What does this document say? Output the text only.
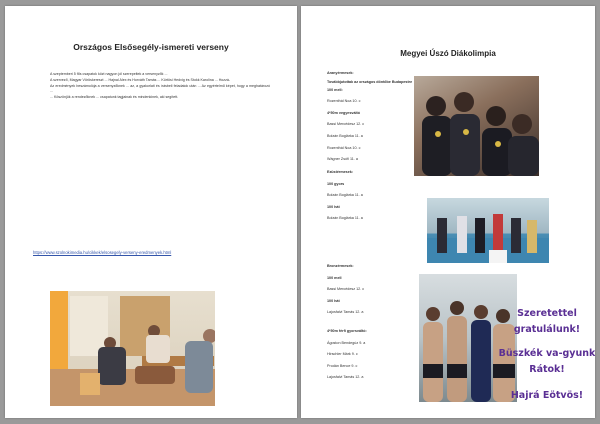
Országos Elsősegély-ismereti verseny

A szeptemberi 5 fős csapatok közt nagyon jól szerepeltek a versenyzők ...

A szervező, Magyar Vöröskereszt ... Hajnal Alex és Horváth Tamás ... Kürtösi Hedvig és Stokk Karolina ... Hozzá-

Az eredmények beszámolója a versenyzőknek ... az, a gyakorlati és írásbeli feladatok után ... Az egyértelmű képet, hogy a meghatározó ...

... Köszönjük a rendezőknek ... csapatunk tagjainak és mindenkinek, aki segített.

https://www.szolnokimedia.hu/cikkek/elsosegely-verseny-eredmenyek.html
Megyei Úszó Diákolimpia
Aranyérmesek:
Továbbjutottak az országos döntőbe Budapestre
100 mell:
Rozenthál Noa 10. c
4*50m vegyesváltó
Bassi Mercédesz 12. c
Bolzán Boglárka 11. a
Rozenthál Noa 10. c
Wágner Zsófi 11. a
Ezüstérmesek:
100 gyors
Bolzán Boglárka 11. a
100 hát
Bolzán Boglárka 11. a
Bronzérmesek:
100 mell
Bassi Mercédesz 12. c
100 hát
Lajosfalvi Tamás 12. a
4*50m férfi gyorsváltó:
Ágoston Bendegúz 9. a
Hirschler Márk 9. c
Prodán Bence 9. c
Lajosfalvi Tamás 12. a
Szeretettel gratulálunk!
Büszkék va-gyunk Rátok!
Hajrá Eötvös!
